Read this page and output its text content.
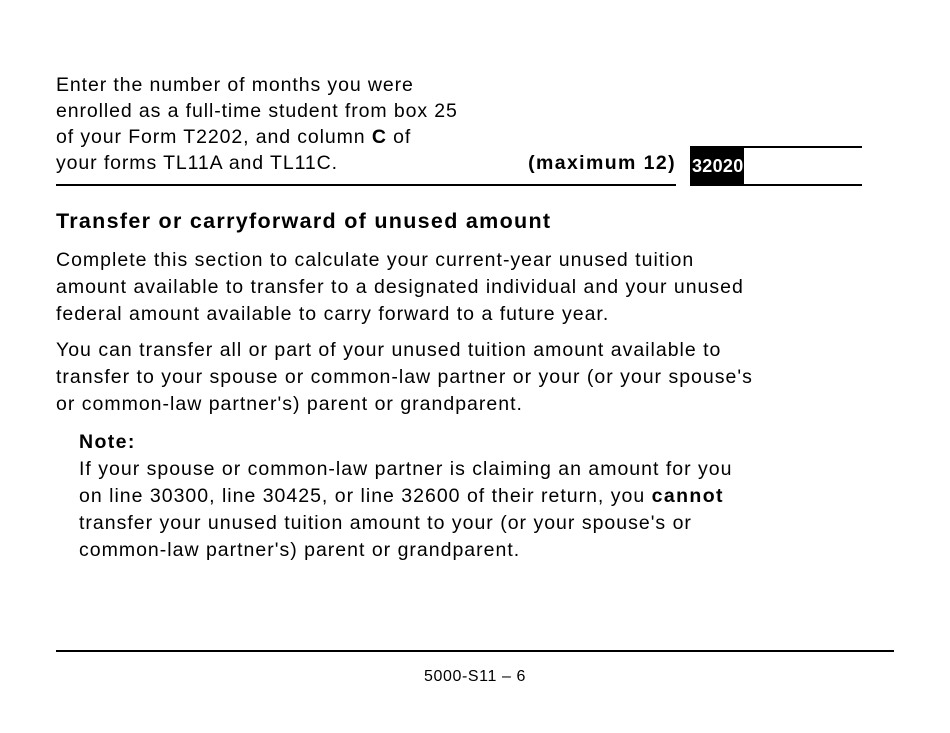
Enter the number of months you were
enrolled as a full-time student from box 25
of your Form T2202, and column C of
your forms TL11A and TL11C.	(maximum 12) 32020
Transfer or carryforward of unused amount
Complete this section to calculate your current-year unused tuition
amount available to transfer to a designated individual and your unused
federal amount available to carry forward to a future year.
You can transfer all or part of your unused tuition amount available to
transfer to your spouse or common-law partner or your (or your spouse's
or common-law partner's) parent or grandparent.
Note:
If your spouse or common-law partner is claiming an amount for you
on line 30300, line 30425, or line 32600 of their return, you cannot
transfer your unused tuition amount to your (or your spouse's or
common-law partner's) parent or grandparent.
5000-S11 – 6
